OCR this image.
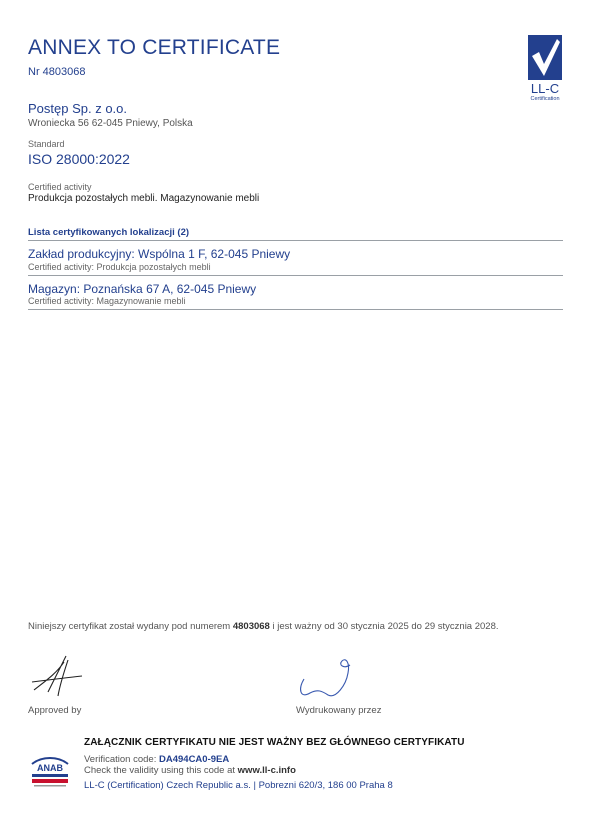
ANNEX TO CERTIFICATE
Nr 4803068
LL-C
Certification
Postęp Sp. z o.o.
Wroniecka 56 62-045 Pniewy, Polska
Standard
ISO 28000:2022
Certified activity
Produkcja pozostałych mebli. Magazynowanie mebli
Lista certyfikowanych lokalizacji (2)
Zakład produkcyjny: Wspólna 1 F, 62-045 Pniewy
Certified activity: Produkcja pozostałych mebli
Magazyn: Poznańska 67 A, 62-045 Pniewy
Certified activity: Magazynowanie mebli
Niniejszy certyfikat został wydany pod numerem 4803068 i jest ważny od 30 stycznia 2025 do 29 stycznia 2028.
Approved by	Wydrukowany przez
ZAŁĄCZNIK CERTYFIKATU NIE JEST WAŻNY BEZ GŁÓWNEGO CERTYFIKATU
ANAB
Verification code: DA494CA0-9EA
Check the validity using this code at www.ll-c.info
LL-C (Certification) Czech Republic a.s. | Pobrezni 620/3, 186 00 Praha 8
